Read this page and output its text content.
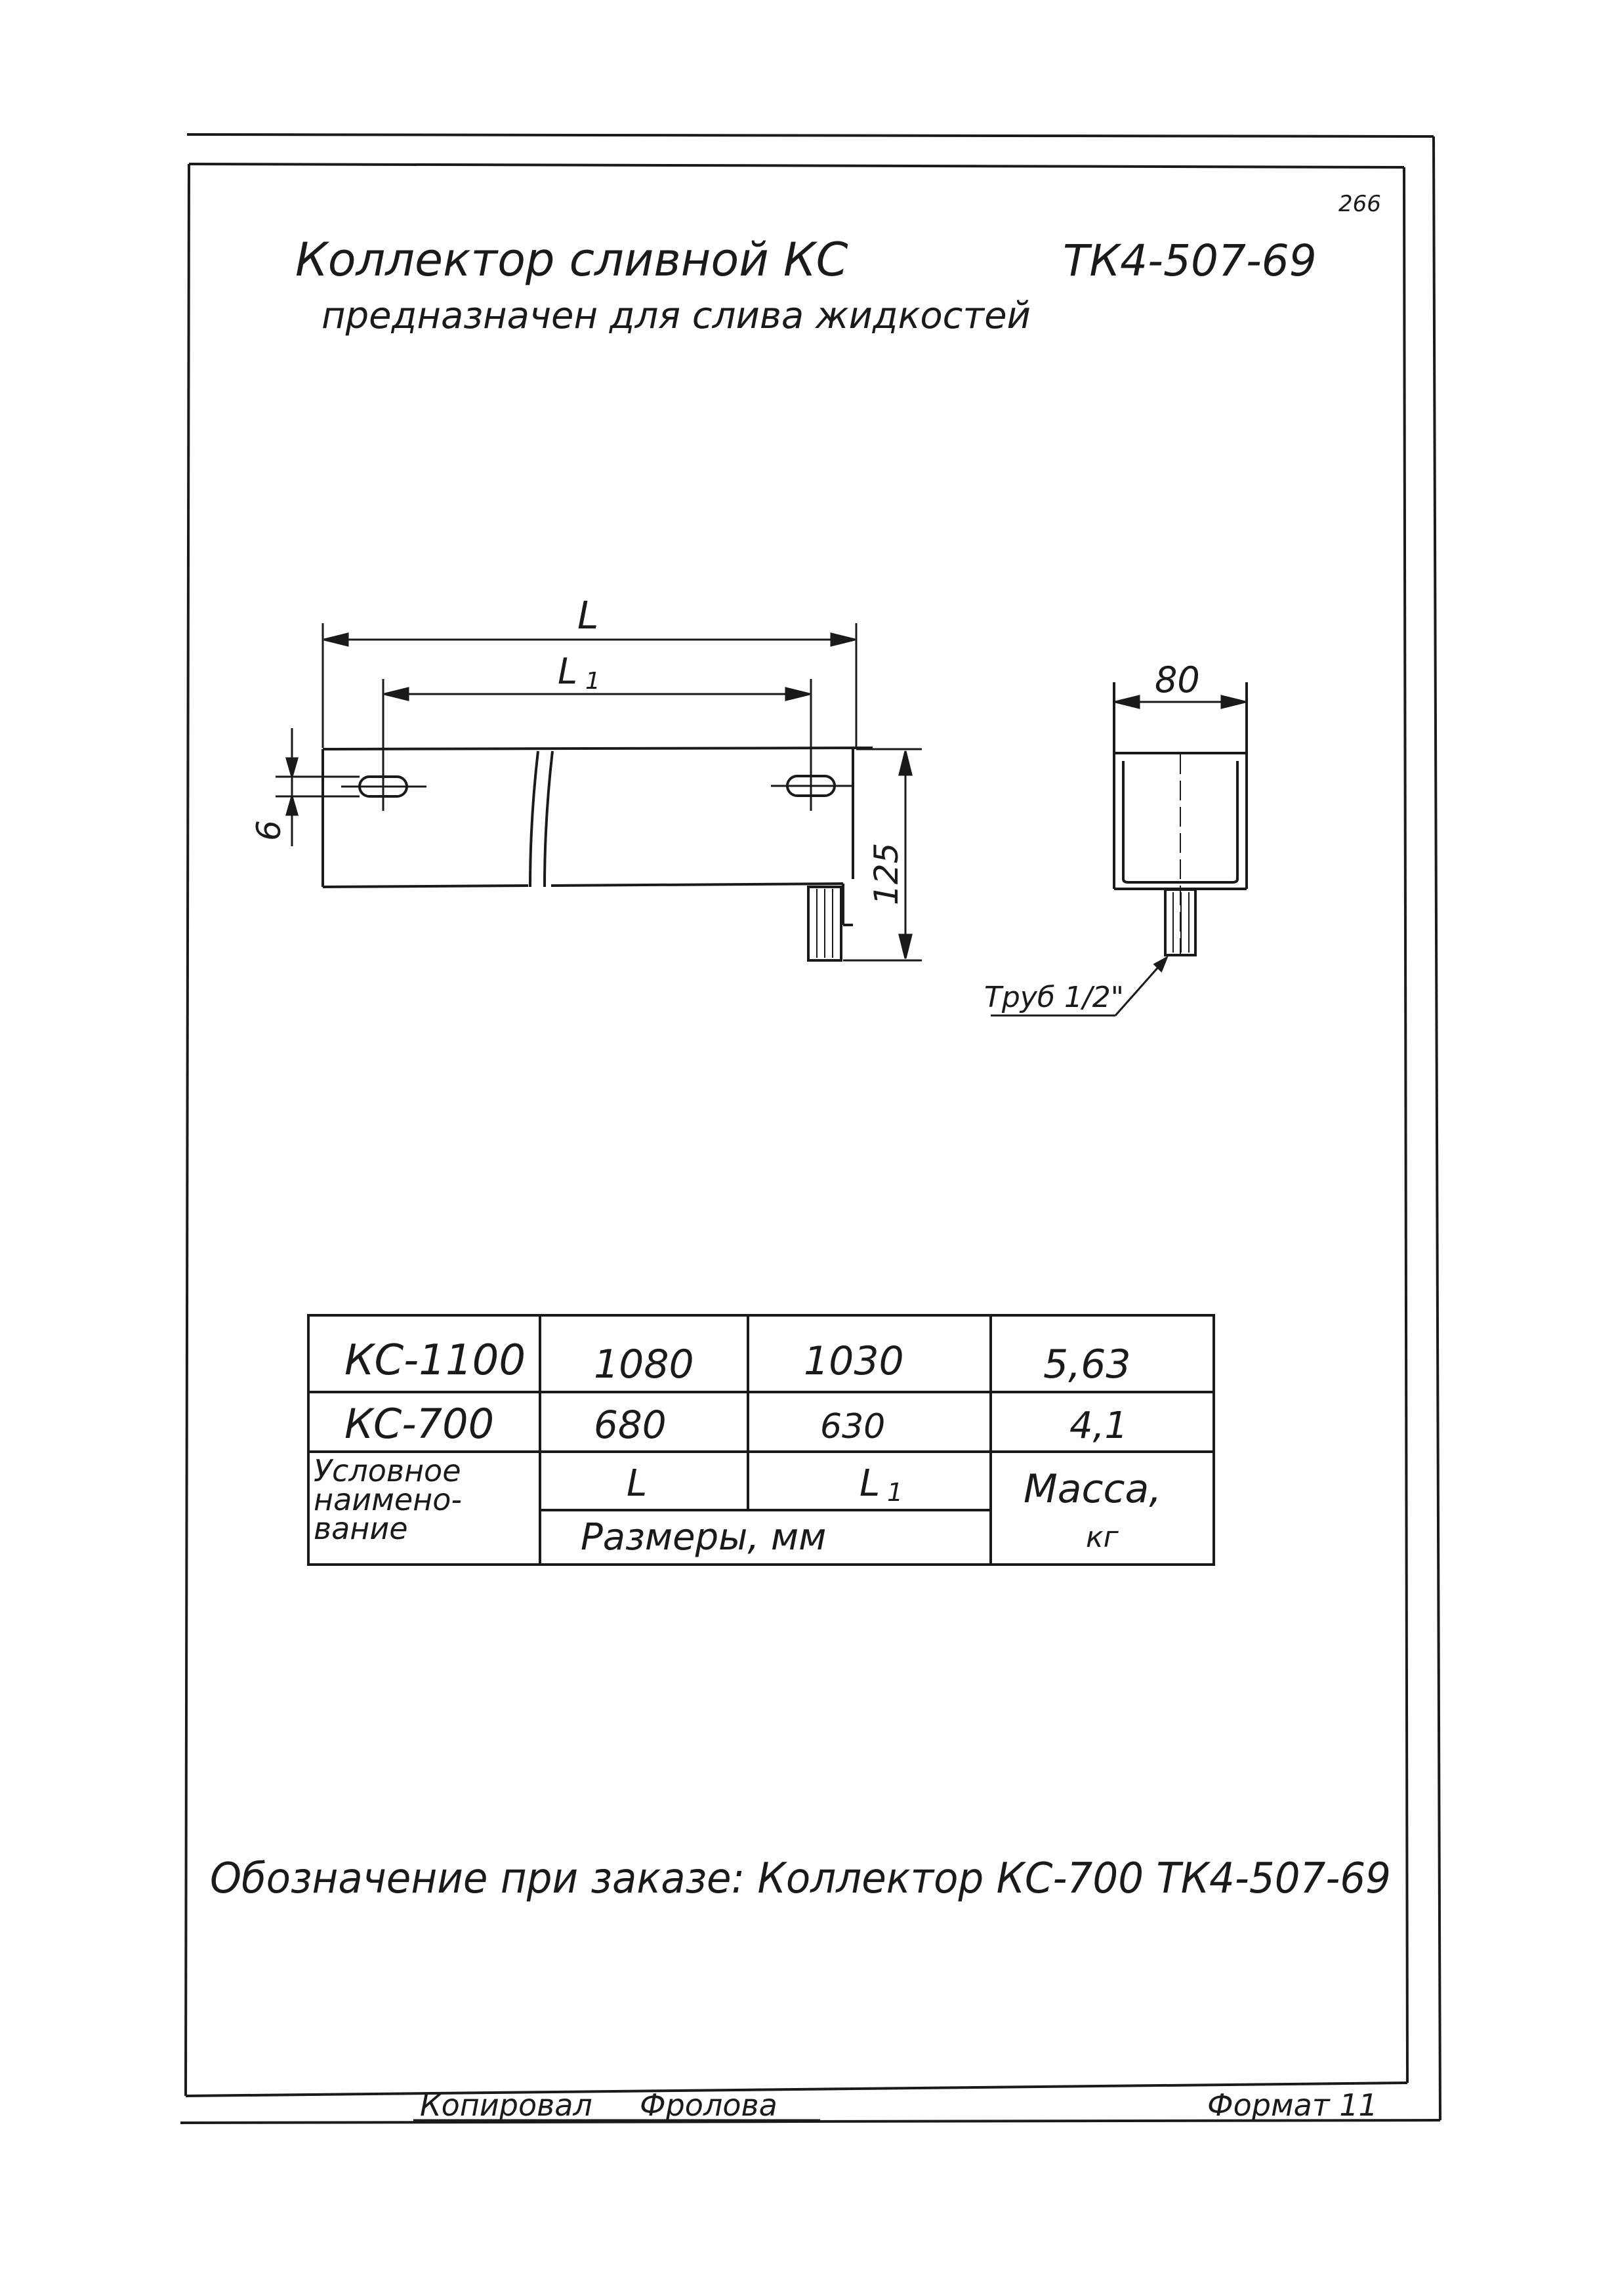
266
Коллектор сливной КС	ТК4-507-69
предназначен для слива жидкостей
L
L 1
125
9
80
Труб 1/2"
КС-1100 1080	1030	5,63
КС-700	680	630	4,1
Условное
наимено-
вание
L	L 1
Размеры, мм
Масса,
кг
Обозначение при заказе: Коллектор КС-700 ТК4-507-69
Копировал Фролова	Формат 11
